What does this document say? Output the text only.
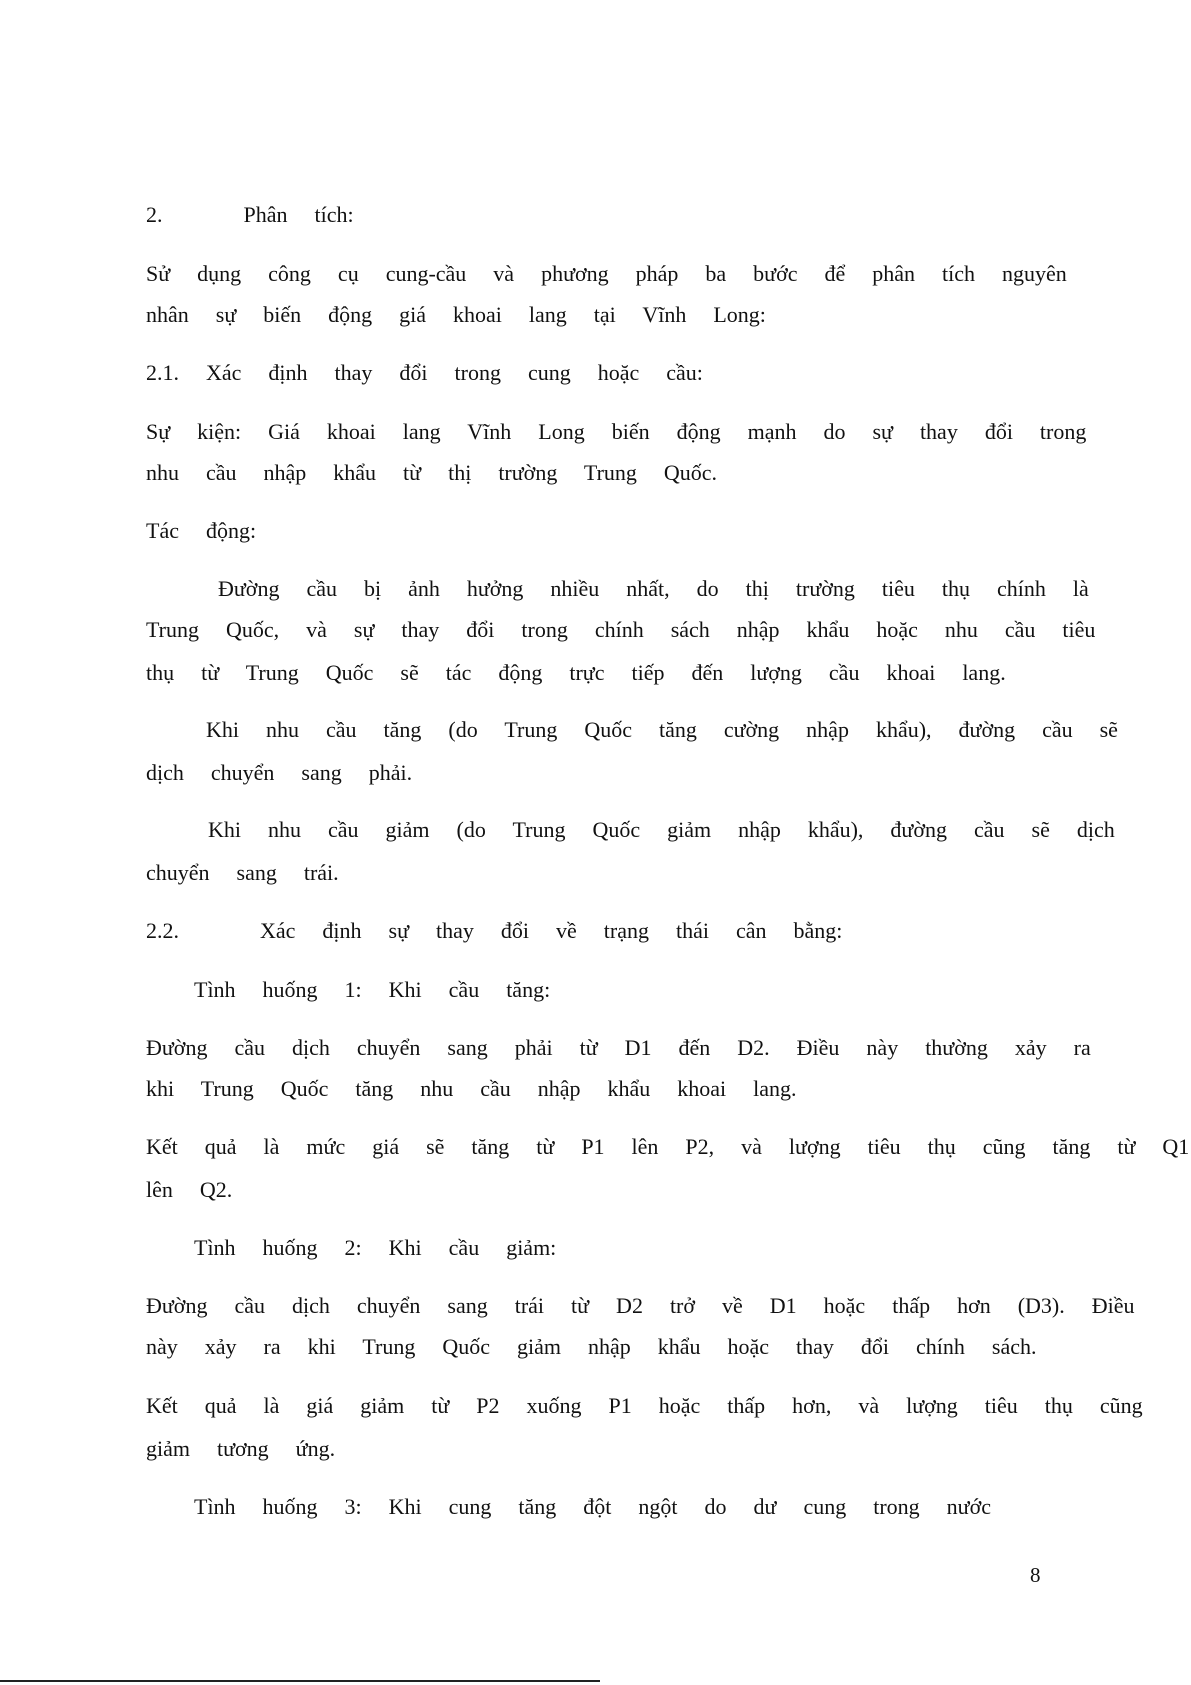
2.      Phân  tích:
Sử  dụng  công  cụ  cung-cầu  và  phương  pháp  ba  bước  để  phân  tích  nguyên
nhân  sự  biến  động  giá  khoai  lang  tại  Vĩnh  Long:
2.1.  Xác  định  thay  đổi  trong  cung  hoặc  cầu:
Sự  kiện:  Giá  khoai  lang  Vĩnh  Long  biến  động  mạnh  do  sự  thay  đổi  trong
nhu  cầu  nhập  khẩu  từ  thị  trường  Trung  Quốc.
Tác  động:
Đường  cầu  bị  ảnh  hưởng  nhiều  nhất,  do  thị  trường  tiêu  thụ  chính  là
Trung  Quốc,  và  sự  thay  đổi  trong  chính  sách  nhập  khẩu  hoặc  nhu  cầu  tiêu
thụ  từ  Trung  Quốc  sẽ  tác  động  trực  tiếp  đến  lượng  cầu  khoai  lang.
Khi  nhu  cầu  tăng  (do  Trung  Quốc  tăng  cường  nhập  khẩu),  đường  cầu  sẽ
dịch  chuyển  sang  phải.
Khi  nhu  cầu  giảm  (do  Trung  Quốc  giảm  nhập  khẩu),  đường  cầu  sẽ  dịch
chuyển  sang  trái.
2.2.      Xác  định  sự  thay  đổi  về  trạng  thái  cân  bằng:
Tình  huống  1:  Khi  cầu  tăng:
Đường  cầu  dịch  chuyển  sang  phải  từ  D1  đến  D2.  Điều  này  thường  xảy  ra
khi  Trung  Quốc  tăng  nhu  cầu  nhập  khẩu  khoai  lang.
Kết  quả  là  mức  giá  sẽ  tăng  từ  P1  lên  P2,  và  lượng  tiêu  thụ  cũng  tăng  từ  Q1
lên  Q2.
Tình  huống  2:  Khi  cầu  giảm:
Đường  cầu  dịch  chuyển  sang  trái  từ  D2  trở  về  D1  hoặc  thấp  hơn  (D3).  Điều
này  xảy  ra  khi  Trung  Quốc  giảm  nhập  khẩu  hoặc  thay  đổi  chính  sách.
Kết  quả  là  giá  giảm  từ  P2  xuống  P1  hoặc  thấp  hơn,  và  lượng  tiêu  thụ  cũng
giảm  tương  ứng.
Tình  huống  3:  Khi  cung  tăng  đột  ngột  do  dư  cung  trong  nước
8
